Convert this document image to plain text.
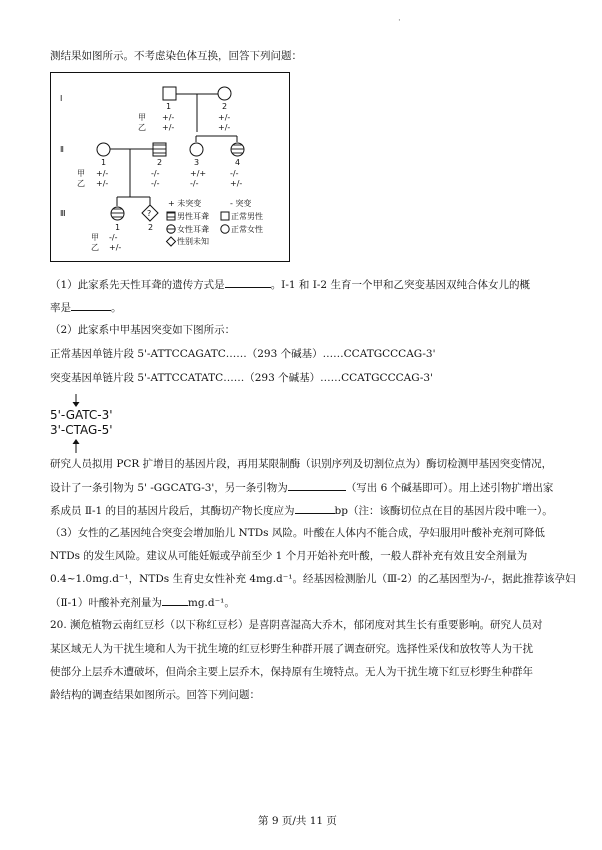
·
测结果如图所示。不考虑染色体互换，回答下列问题：
Ⅰ
Ⅱ
Ⅲ
1	2
甲
乙
+/-
+/-
+/-
+/-
1	2	3	4
甲
乙
+/-
+/-
-/-
-/-
+/+
-/-
-/-
+/-
?
1	2
甲
乙
-/-
+/-
+ 未突变	- 突变
男性耳聋	正常男性
女性耳聋	正常女性
性别未知
（1）此家系先天性耳聋的遗传方式是	。Ⅰ-1 和 Ⅰ-2 生育一个甲和乙突变基因双纯合体女儿的概
率是	。
（2）此家系中甲基因突变如下图所示：
正常基因单链片段 5'-ATTCCAGATC……（293 个碱基）……CCATGCCCAG-3'
突变基因单链片段 5'-ATTCCATATC……（293 个碱基）……CCATGCCCAG-3'
5'-GATC-3'
3'-CTAG-5'
研究人员拟用 PCR 扩增目的基因片段，再用某限制酶（识别序列及切割位点为）酶切检测甲基因突变情况，
设计了一条引物为 5' -GGCATG-3'，另一条引物为	（写出 6 个碱基即可）。用上述引物扩增出家
系成员 Ⅱ-1 的目的基因片段后，其酶切产物长度应为	bp（注：该酶切位点在目的基因片段中唯一）。
（3）女性的乙基因纯合突变会增加胎儿 NTDs 风险。叶酸在人体内不能合成，孕妇服用叶酸补充剂可降低
NTDs 的发生风险。建议从可能妊娠或孕前至少 1 个月开始补充叶酸，一般人群补充有效且安全剂量为
0.4~1.0mg.d⁻¹，NTDs 生育史女性补充 4mg.d⁻¹。经基因检测胎儿（Ⅲ-2）的乙基因型为-/-，据此推荐该孕妇
（Ⅱ-1）叶酸补充剂量为 mg.d⁻¹。
20. 濒危植物云南红豆杉（以下称红豆杉）是喜阴喜湿高大乔木，郁闭度对其生长有重要影响。研究人员对
某区域无人为干扰生境和人为干扰生境的红豆杉野生种群开展了调查研究。选择性采伐和放牧等人为干扰
使部分上层乔木遭破坏，但尚余主要上层乔木，保持原有生境特点。无人为干扰生境下红豆杉野生种群年
龄结构的调查结果如图所示。回答下列问题：
第 9 页/共 11 页
